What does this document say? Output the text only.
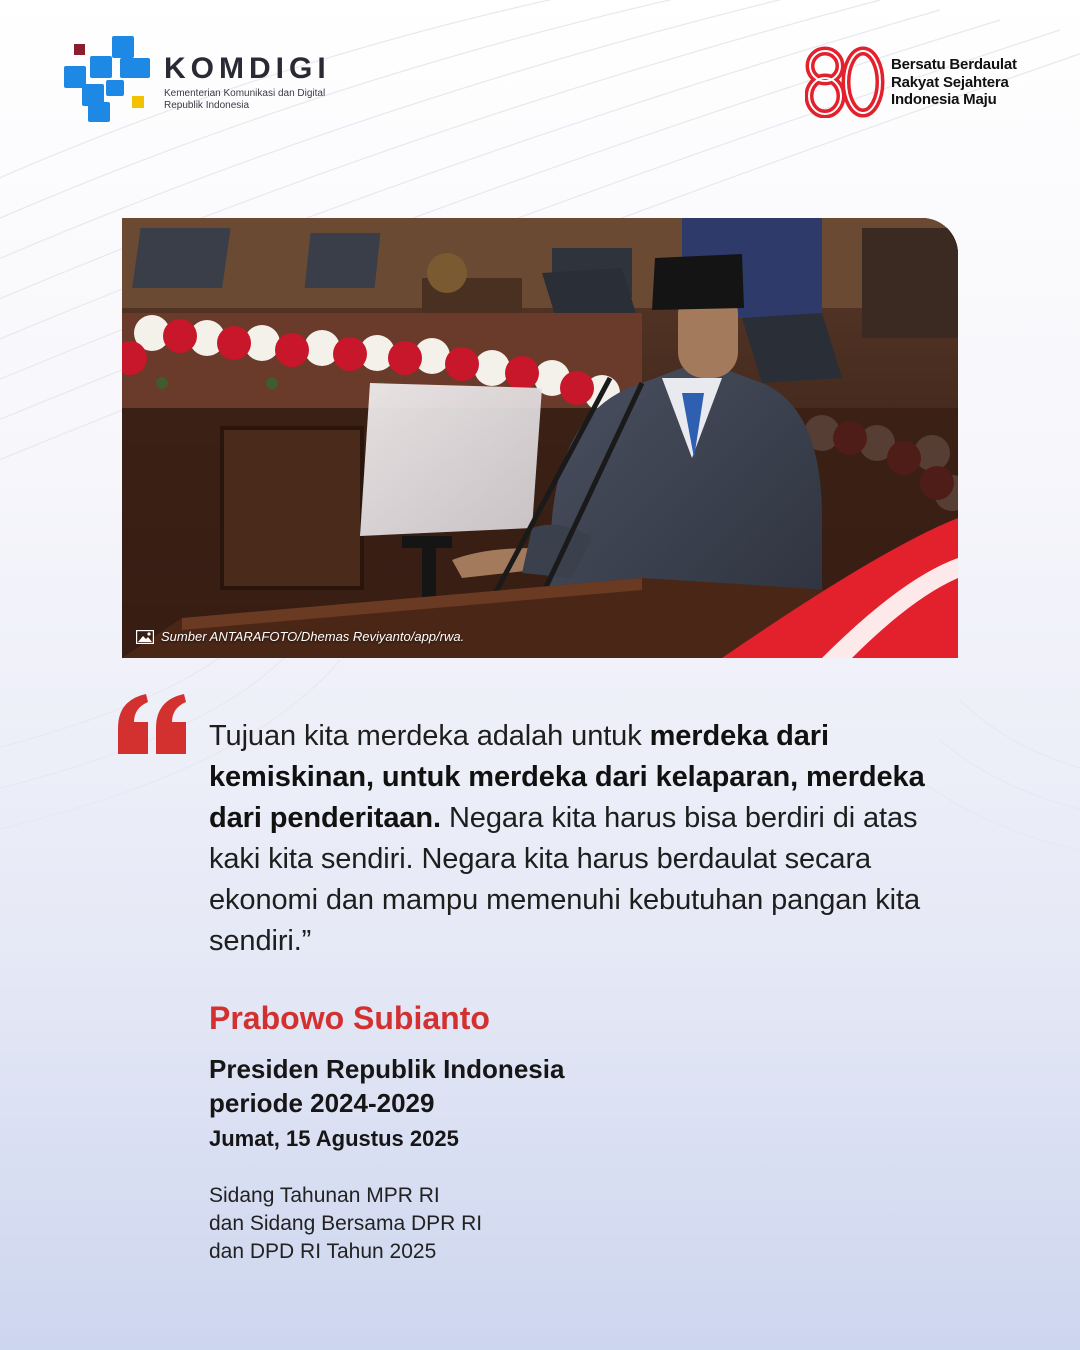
KOMDIGI
Kementerian Komunikasi dan Digital
Republik Indonesia
Bersatu Berdaulat
Rakyat Sejahtera
Indonesia Maju
Sumber ANTARAFOTO/Dhemas Reviyanto/app/rwa.
Tujuan kita merdeka adalah untuk merdeka dari kemiskinan, untuk merdeka dari kelaparan, merdeka dari penderitaan. Negara kita harus bisa berdiri di atas kaki kita sendiri. Negara kita harus berdaulat secara ekonomi dan mampu memenuhi kebutuhan pangan kita sendiri.”
Prabowo Subianto
Presiden Republik Indonesia
periode 2024-2029
Jumat, 15 Agustus 2025
Sidang Tahunan MPR RI
dan Sidang Bersama DPR RI
dan DPD RI Tahun 2025
